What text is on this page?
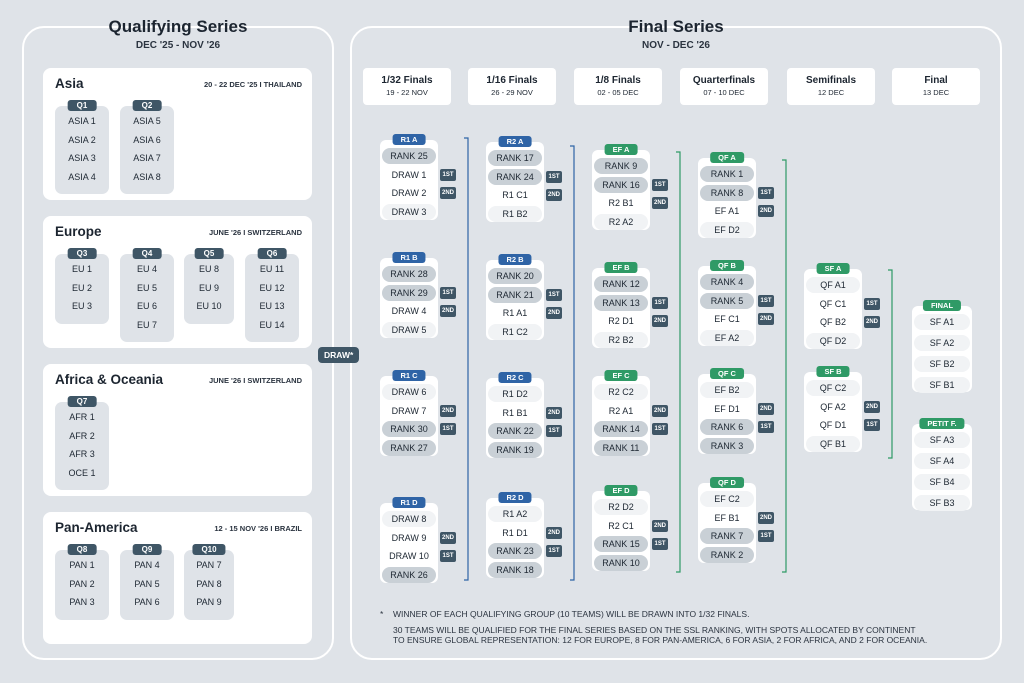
Qualifying Series
DEC '25 - NOV '26
Final Series
NOV - DEC '26
Asia	20 - 22 DEC '25 I THAILAND
Q1
ASIA 1
ASIA 2
ASIA 3
ASIA 4
Q2
ASIA 5
ASIA 6
ASIA 7
ASIA 8
Europe	JUNE '26 I SWITZERLAND
Q3
EU 1
EU 2
EU 3
Q4
EU 4
EU 5
EU 6
EU 7
Q5
EU 8
EU 9
EU 10
Q6
EU 11
EU 12
EU 13
EU 14
Africa & Oceania	JUNE '26 I SWITZERLAND
Q7
AFR 1
AFR 2
AFR 3
OCE 1
Pan-America	12 - 15 NOV '26 I BRAZIL
Q8
PAN 1
PAN 2
PAN 3
Q9
PAN 4
PAN 5
PAN 6
Q10
PAN 7
PAN 8
PAN 9
1/32 Finals
19 - 22 NOV
1/16 Finals
26 - 29 NOV
1/8 Finals
02 - 05 DEC
Quarterfinals
07 - 10 DEC
Semifinals
12 DEC
Final
13 DEC
R1 A
RANK 25
DRAW 1	1ST
DRAW 2	2ND
DRAW 3
R1 B
RANK 28
RANK 29	1ST
DRAW 4	2ND
DRAW 5
R1 C
DRAW 6
DRAW 7	2ND
RANK 30	1ST
RANK 27
R1 D
DRAW 8
DRAW 9	2ND
DRAW 10	1ST
RANK 26
R2 A
RANK 17
RANK 24	1ST
R1 C1	2ND
R1 B2
R2 B
RANK 20
RANK 21	1ST
R1 A1	2ND
R1 C2
R2 C
R1 D2
R1 B1	2ND
RANK 22	1ST
RANK 19
R2 D
R1 A2
R1 D1	2ND
RANK 23	1ST
RANK 18
EF A
RANK 9
RANK 16	1ST
R2 B1	2ND
R2 A2
EF B
RANK 12
RANK 13	1ST
R2 D1	2ND
R2 B2
EF C
R2 C2
R2 A1	2ND
RANK 14	1ST
RANK 11
EF D
R2 D2
R2 C1	2ND
RANK 15	1ST
RANK 10
QF A
RANK 1
RANK 8	1ST
EF A1	2ND
EF D2
QF B
RANK 4
RANK 5	1ST
EF C1	2ND
EF A2
QF C
EF B2
EF D1	2ND
RANK 6	1ST
RANK 3
QF D
EF C2
EF B1	2ND
RANK 7	1ST
RANK 2
SF A
QF A1
QF C1	1ST
QF B2	2ND
QF D2
SF B
QF C2
QF A2	2ND
QF D1	1ST
QF B1
FINAL
SF A1
SF A2
SF B2
SF B1
PETIT F.
SF A3
SF A4
SF B4
SF B3
DRAW*
* WINNER OF EACH QUALIFYING GROUP (10 TEAMS) WILL BE DRAWN INTO 1/32 FINALS.
30 TEAMS WILL BE QUALIFIED FOR THE FINAL SERIES BASED ON THE SSL RANKING, WITH SPOTS ALLOCATED BY CONTINENT
TO ENSURE GLOBAL REPRESENTATION: 12 FOR EUROPE, 8 FOR PAN-AMERICA, 6 FOR ASIA, 2 FOR AFRICA, AND 2 FOR OCEANIA.
